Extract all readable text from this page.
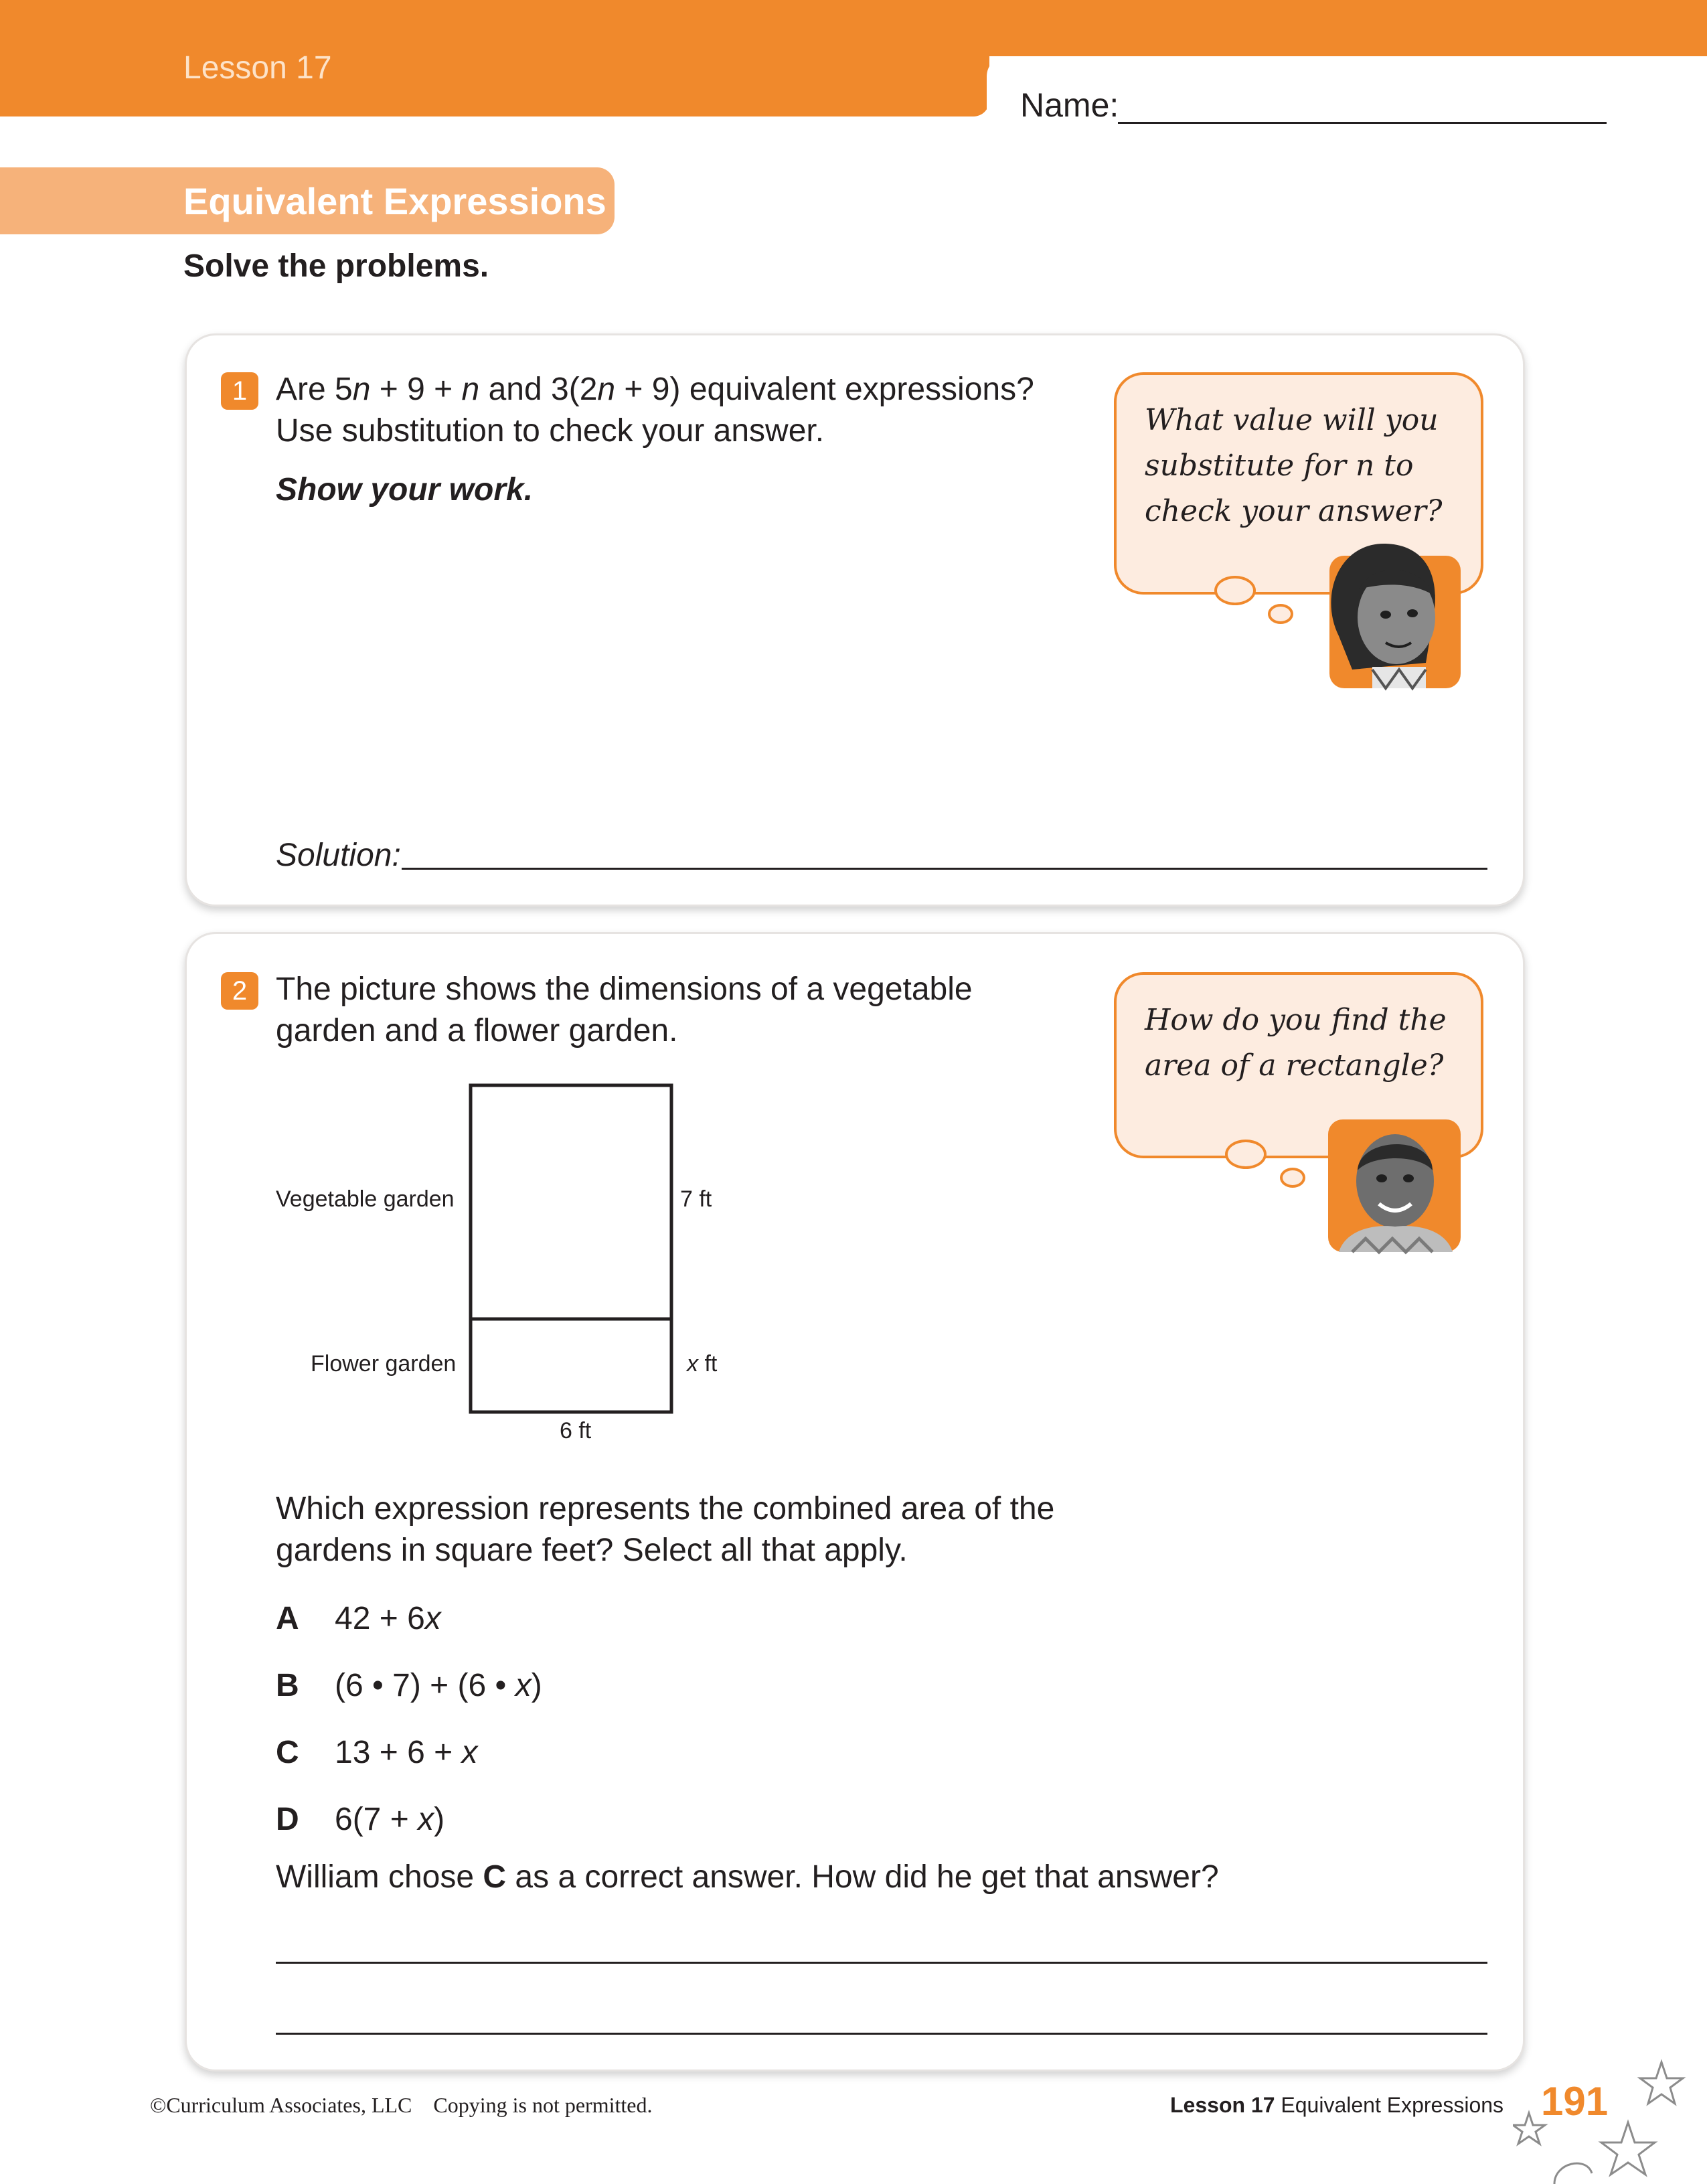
Lesson 17
Name:
Equivalent Expressions
Solve the problems.
1 Are 5n + 9 + n and 3(2n + 9) equivalent expressions?
Use substitution to check your answer.
Show your work.
Solution:
What value will you
substitute for n to
check your answer?
2 The picture shows the dimensions of a vegetable
garden and a flower garden.
Vegetable garden
Flower garden
7 ft
x ft
6 ft
Which expression represents the combined area of the
gardens in square feet? Select all that apply.
A 42 + 6x
B (6 • 7) + (6 • x)
C 13 + 6 + x
D 6(7 + x)
William chose C as a correct answer. How did he get that answer?
How do you find the
area of a rectangle?
©Curriculum Associates, LLC    Copying is not permitted.	Lesson 17 Equivalent Expressions 191
